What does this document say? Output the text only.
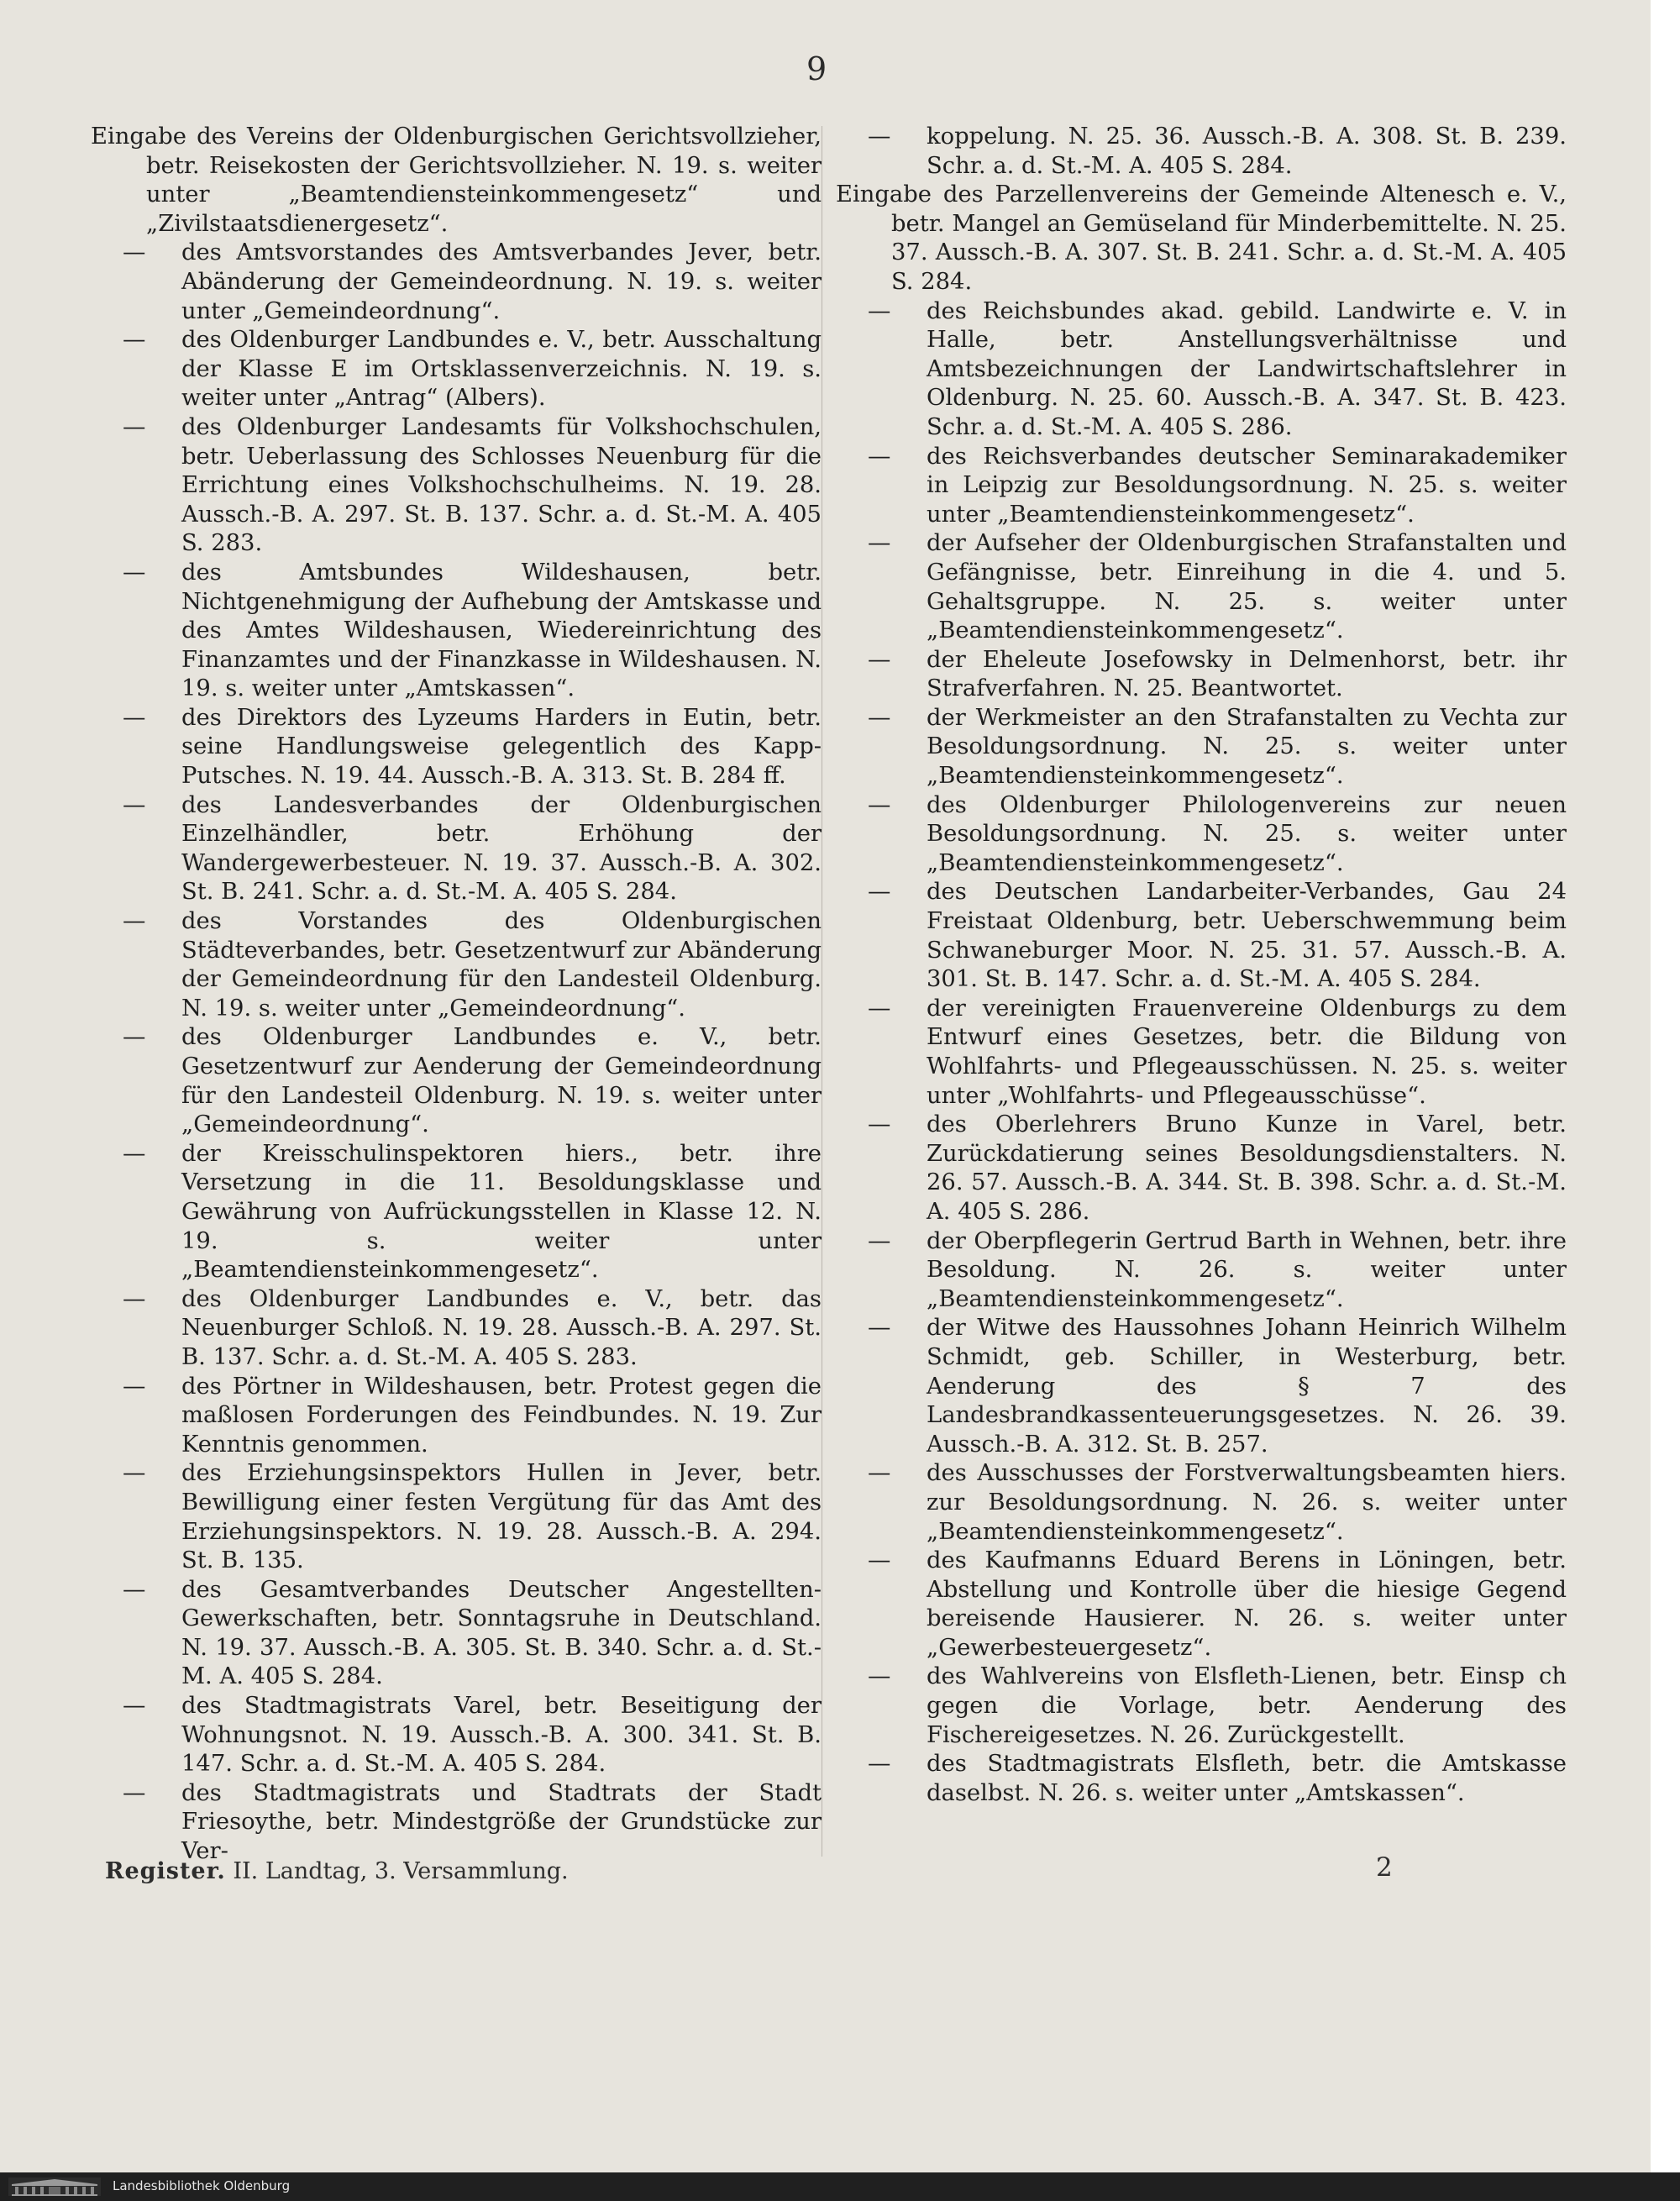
9

Eingabe des Vereins der Oldenburgischen Gerichtsvollzieher, betr. Reisekosten der Gerichtsvollzieher. N. 19. s. weiter unter „Beamtendiensteinkommengesetz“ und „Zivilstaatsdienergesetz“.

— des Amtsvorstandes des Amtsverbandes Jever, betr. Abänderung der Gemeindeordnung. N. 19. s. weiter unter „Gemeindeordnung“.

— des Oldenburger Landbundes e. V., betr. Ausschaltung der Klasse E im Ortsklassenverzeichnis. N. 19. s. weiter unter „Antrag“ (Albers).

— des Oldenburger Landesamts für Volkshochschulen, betr. Ueberlassung des Schlosses Neuenburg für die Errichtung eines Volkshochschulheims. N. 19. 28. Aussch.-B. A. 297. St. B. 137. Schr. a. d. St.-M. A. 405 S. 283.

— des Amtsbundes Wildeshausen, betr. Nichtgenehmigung der Aufhebung der Amtskasse und des Amtes Wildeshausen, Wiedereinrichtung des Finanzamtes und der Finanzkasse in Wildeshausen. N. 19. s. weiter unter „Amtskassen“.

— des Direktors des Lyzeums Harders in Eutin, betr. seine Handlungsweise gelegentlich des Kapp-Putsches. N. 19. 44. Aussch.-B. A. 313. St. B. 284 ff.

— des Landesverbandes der Oldenburgischen Einzelhändler, betr. Erhöhung der Wandergewerbesteuer. N. 19. 37. Aussch.-B. A. 302. St. B. 241. Schr. a. d. St.-M. A. 405 S. 284.

— des Vorstandes des Oldenburgischen Städteverbandes, betr. Gesetzentwurf zur Abänderung der Gemeindeordnung für den Landesteil Oldenburg. N. 19. s. weiter unter „Gemeindeordnung“.

— des Oldenburger Landbundes e. V., betr. Gesetzentwurf zur Aenderung der Gemeindeordnung für den Landesteil Oldenburg. N. 19. s. weiter unter „Gemeindeordnung“.

— der Kreisschulinspektoren hiers., betr. ihre Versetzung in die 11. Besoldungsklasse und Gewährung von Aufrückungsstellen in Klasse 12. N. 19. s. weiter unter „Beamtendiensteinkommengesetz“.

— des Oldenburger Landbundes e. V., betr. das Neuenburger Schloß. N. 19. 28. Aussch.-B. A. 297. St. B. 137. Schr. a. d. St.-M. A. 405 S. 283.

— des Pörtner in Wildeshausen, betr. Protest gegen die maßlosen Forderungen des Feindbundes. N. 19. Zur Kenntnis genommen.

— des Erziehungsinspektors Hullen in Jever, betr. Bewilligung einer festen Vergütung für das Amt des Erziehungsinspektors. N. 19. 28. Aussch.-B. A. 294. St. B. 135.

— des Gesamtverbandes Deutscher Angestellten-Gewerkschaften, betr. Sonntagsruhe in Deutschland. N. 19. 37. Aussch.-B. A. 305. St. B. 340. Schr. a. d. St.-M. A. 405 S. 284.

— des Stadtmagistrats Varel, betr. Beseitigung der Wohnungsnot. N. 19. Aussch.-B. A. 300. 341. St. B. 147. Schr. a. d. St.-M. A. 405 S. 284.

— des Stadtmagistrats und Stadtrats der Stadt Friesoythe, betr. Mindestgröße der Grundstücke zur Ver-

— koppelung. N. 25. 36. Aussch.-B. A. 308. St. B. 239. Schr. a. d. St.-M. A. 405 S. 284.

Eingabe des Parzellenvereins der Gemeinde Altenesch e. V., betr. Mangel an Gemüseland für Minderbemittelte. N. 25. 37. Aussch.-B. A. 307. St. B. 241. Schr. a. d. St.-M. A. 405 S. 284.

— des Reichsbundes akad. gebild. Landwirte e. V. in Halle, betr. Anstellungsverhältnisse und Amtsbezeichnungen der Landwirtschaftslehrer in Oldenburg. N. 25. 60. Aussch.-B. A. 347. St. B. 423. Schr. a. d. St.-M. A. 405 S. 286.

— des Reichsverbandes deutscher Seminarakademiker in Leipzig zur Besoldungsordnung. N. 25. s. weiter unter „Beamtendiensteinkommengesetz“.

— der Aufseher der Oldenburgischen Strafanstalten und Gefängnisse, betr. Einreihung in die 4. und 5. Gehaltsgruppe. N. 25. s. weiter unter „Beamtendiensteinkommengesetz“.

— der Eheleute Josefowsky in Delmenhorst, betr. ihr Strafverfahren. N. 25. Beantwortet.

— der Werkmeister an den Strafanstalten zu Vechta zur Besoldungsordnung. N. 25. s. weiter unter „Beamtendiensteinkommengesetz“.

— des Oldenburger Philologenvereins zur neuen Besoldungsordnung. N. 25. s. weiter unter „Beamtendiensteinkommengesetz“.

— des Deutschen Landarbeiter-Verbandes, Gau 24 Freistaat Oldenburg, betr. Ueberschwemmung beim Schwaneburger Moor. N. 25. 31. 57. Aussch.-B. A. 301. St. B. 147. Schr. a. d. St.-M. A. 405 S. 284.

— der vereinigten Frauenvereine Oldenburgs zu dem Entwurf eines Gesetzes, betr. die Bildung von Wohlfahrts- und Pflegeausschüssen. N. 25. s. weiter unter „Wohlfahrts- und Pflegeausschüsse“.

— des Oberlehrers Bruno Kunze in Varel, betr. Zurückdatierung seines Besoldungsdienstalters. N. 26. 57. Aussch.-B. A. 344. St. B. 398. Schr. a. d. St.-M. A. 405 S. 286.

— der Oberpflegerin Gertrud Barth in Wehnen, betr. ihre Besoldung. N. 26. s. weiter unter „Beamtendiensteinkommengesetz“.

— der Witwe des Haussohnes Johann Heinrich Wilhelm Schmidt, geb. Schiller, in Westerburg, betr. Aenderung des § 7 des Landesbrandkassenteuerungsgesetzes. N. 26. 39. Aussch.-B. A. 312. St. B. 257.

— des Ausschusses der Forstverwaltungsbeamten hiers. zur Besoldungsordnung. N. 26. s. weiter unter „Beamtendiensteinkommengesetz“.

— des Kaufmanns Eduard Berens in Löningen, betr. Abstellung und Kontrolle über die hiesige Gegend bereisende Hausierer. N. 26. s. weiter unter „Gewerbesteuergesetz“.

— des Wahlvereins von Elsfleth-Lienen, betr. Einsp ch gegen die Vorlage, betr. Aenderung des Fischereigesetzes. N. 26. Zurückgestellt.

— des Stadtmagistrats Elsfleth, betr. die Amtskasse daselbst. N. 26. s. weiter unter „Amtskassen“.

Register. II. Landtag, 3. Versammlung.	2
Landesbibliothek Oldenburg
